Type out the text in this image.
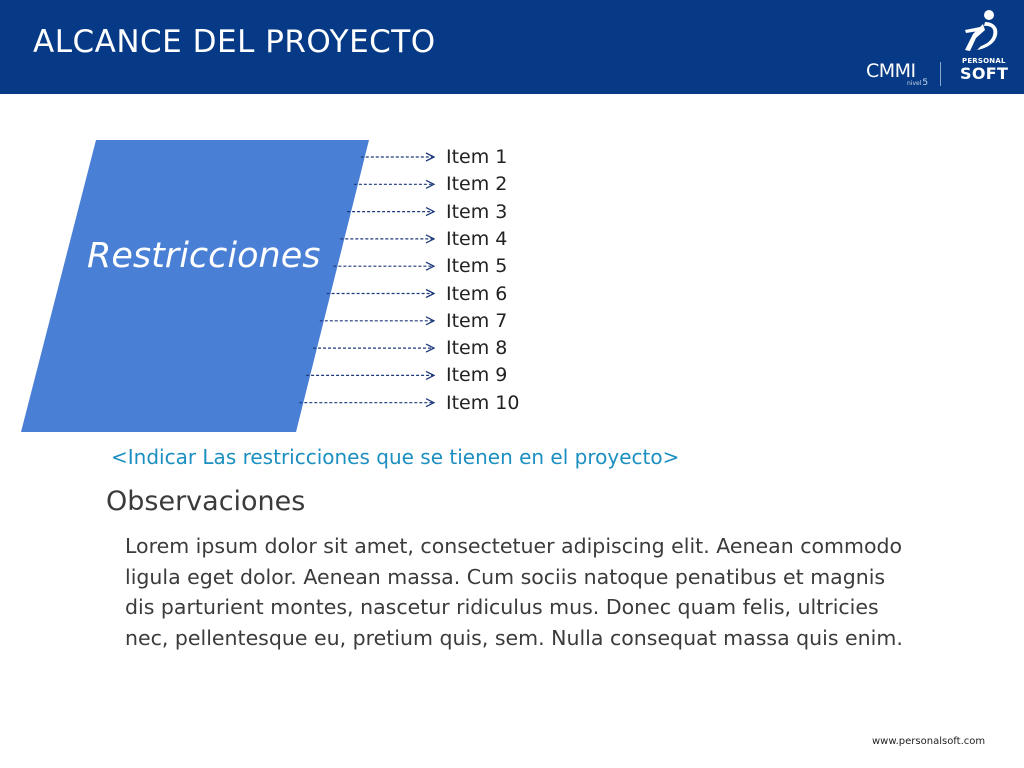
ALCANCE DEL PROYECTO
CMMI
nivel5
PERSONAL
SOFT
Restricciones
Item 1
Item 2
Item 3
Item 4
Item 5
Item 6
Item 7
Item 8
Item 9
Item 10
<Indicar Las restricciones que se tienen en el proyecto>
Observaciones
Lorem ipsum dolor sit amet, consectetuer adipiscing elit. Aenean commodo ligula eget dolor. Aenean massa. Cum sociis natoque penatibus et magnis dis parturient montes, nascetur ridiculus mus. Donec quam felis, ultricies nec, pellentesque eu, pretium quis, sem. Nulla consequat massa quis enim.
www.personalsoft.com
